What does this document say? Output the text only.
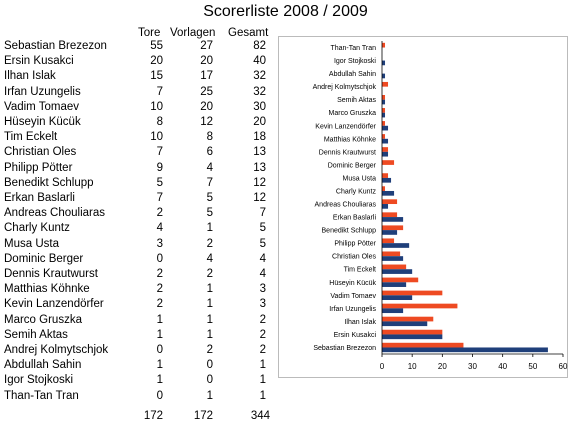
Scorerliste 2008 / 2009
Tore Vorlagen Gesamt
Sebastian Brezezon	55	27	82
Ersin Kusakci	20	20	40
Ilhan Islak	15	17	32
Irfan Uzungelis	7	25	32
Vadim Tomaev	10	20	30
Hüseyin Kücük	8	12	20
Tim Eckelt	10	8	18
Christian Oles	7	6	13
Philipp Pötter	9	4	13
Benedikt Schlupp	5	7	12
Erkan Baslarli	7	5	12
Andreas Chouliaras	2	5	7
Charly Kuntz	4	1	5
Musa Usta	3	2	5
Dominic Berger	0	4	4
Dennis Krautwurst	2	2	4
Matthias Köhnke	2	1	3
Kevin Lanzendörfer	2	1	3
Marco Gruszka	1	1	2
Semih Aktas	1	1	2
Andrej Kolmytschjok	0	2	2
Abdullah Sahin	1	0	1
Igor Stojkoski	1	0	1
Than-Tan Tran	0	1	1
172	172	344
Than-Tan Tran
Igor Stojkoski
Abdullah Sahin
Andrej Kolmytschjok
Semih Aktas
Marco Gruszka
Kevin Lanzendörfer
Matthias Köhnke
Dennis Krautwurst
Dominic Berger
Musa Usta
Charly Kuntz
Andreas Chouliaras
Erkan Baslarli
Benedikt Schlupp
Philipp Pötter
Christian Oles
Tim Eckelt
Hüseyin Kücük
Vadim Tomaev
Irfan Uzungelis
Ilhan Islak
Ersin Kusakci
Sebastian Brezezon
0	10	20	30	40	50	60
